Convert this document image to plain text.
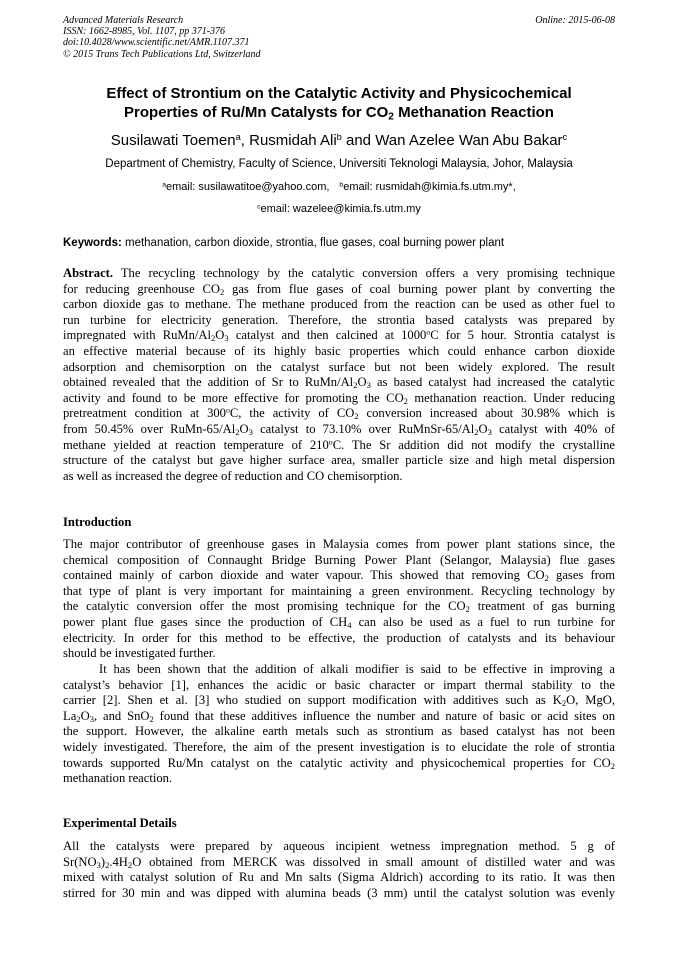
Advanced Materials Research
ISSN: 1662-8985, Vol. 1107, pp 371-376
doi:10.4028/www.scientific.net/AMR.1107.371
© 2015 Trans Tech Publications Ltd, Switzerland
Online: 2015-06-08
Effect of Strontium on the Catalytic Activity and Physicochemical
Properties of Ru/Mn Catalysts for $CO_2$ Methanation Reaction
Susilawati Toemen$^a$, Rusmidah Ali$^b$ and Wan Azelee Wan Abu Bakar$^c$
Department of Chemistry, Faculty of Science, Universiti Teknologi Malaysia, Johor, Malaysia
$^a$email: susilawatitoe@yahoo.com, $^b$email: rusmidah@kimia.fs.utm.my*,
$^c$email: wazelee@kimia.fs.utm.my
Keywords: methanation, carbon dioxide, strontia, flue gases, coal burning power plant
Abstract. The recycling technology by the catalytic conversion offers a very promising technique
for reducing greenhouse $CO_2$ gas from flue gases of coal burning power plant by converting the
carbon dioxide gas to methane. The methane produced from the reaction can be used as other fuel to
run turbine for electricity generation. Therefore, the strontia based catalysts was prepared by
impregnated with RuMn/$Al_2O_3$ catalyst and then calcined at 1000$^o$C for 5 hour. Strontia catalyst is
an effective material because of its highly basic properties which could enhance carbon dioxide
adsorption and chemisorption on the catalyst surface but not been widely explored. The result
obtained revealed that the addition of Sr to RuMn/$Al_2O_3$ as based catalyst had increased the catalytic
activity and found to be more effective for promoting the $CO_2$ methanation reaction. Under reducing
pretreatment condition at 300$^o$C, the activity of $CO_2$ conversion increased about 30.98% which is
from 50.45% over RuMn-$65/Al_2O_3$ catalyst to 73.10% over RuMnSr-$65/Al_2O_3$ catalyst with 40% of
methane yielded at reaction temperature of 210$^o$C. The Sr addition did not modify the crystalline
structure of the catalyst but gave higher surface area, smaller particle size and high metal dispersion
as well as increased the degree of reduction and CO chemisorption.
Introduction
The major contributor of greenhouse gases in Malaysia comes from power plant stations since, the
chemical composition of Connaught Bridge Burning Power Plant (Selangor, Malaysia) flue gases
contained mainly of carbon dioxide and water vapour. This showed that removing $CO_2$ gases from
that type of plant is very important for maintaining a green environment. Recycling technology by
the catalytic conversion offer the most promising technique for the $CO_2$ treatment of gas burning
power plant flue gases since the production of $CH_4$ can also be used as a fuel to run turbine for
electricity. In order for this method to be effective, the production of catalysts and its behaviour
should be investigated further.
It has been shown that the addition of alkali modifier is said to be effective in improving a
catalyst’s behavior [1], enhances the acidic or basic character or impart thermal stability to the
carrier [2]. Shen et al. [3] who studied on support modification with additives such as $K_2O$, MgO,
$La_2O_3$, and SnO$_2$ found that these additives influence the number and nature of basic or acid sites on
the support. However, the alkaline earth metals such as strontium as based catalyst has not been
widely investigated. Therefore, the aim of the present investigation is to elucidate the role of strontia
towards supported Ru/Mn catalyst on the catalytic activity and physicochemical properties for $CO_2$
methanation reaction.
Experimental Details
All the catalysts were prepared by aqueous incipient wetness impregnation method. 5 g of
$Sr(NO_3)_2.4H_2O$ obtained from MERCK was dissolved in small amount of distilled water and was
mixed with catalyst solution of Ru and Mn salts (Sigma Aldrich) according to its ratio. It was then
stirred for 30 min and was dipped with alumina beads (3 mm) until the catalyst solution was evenly
